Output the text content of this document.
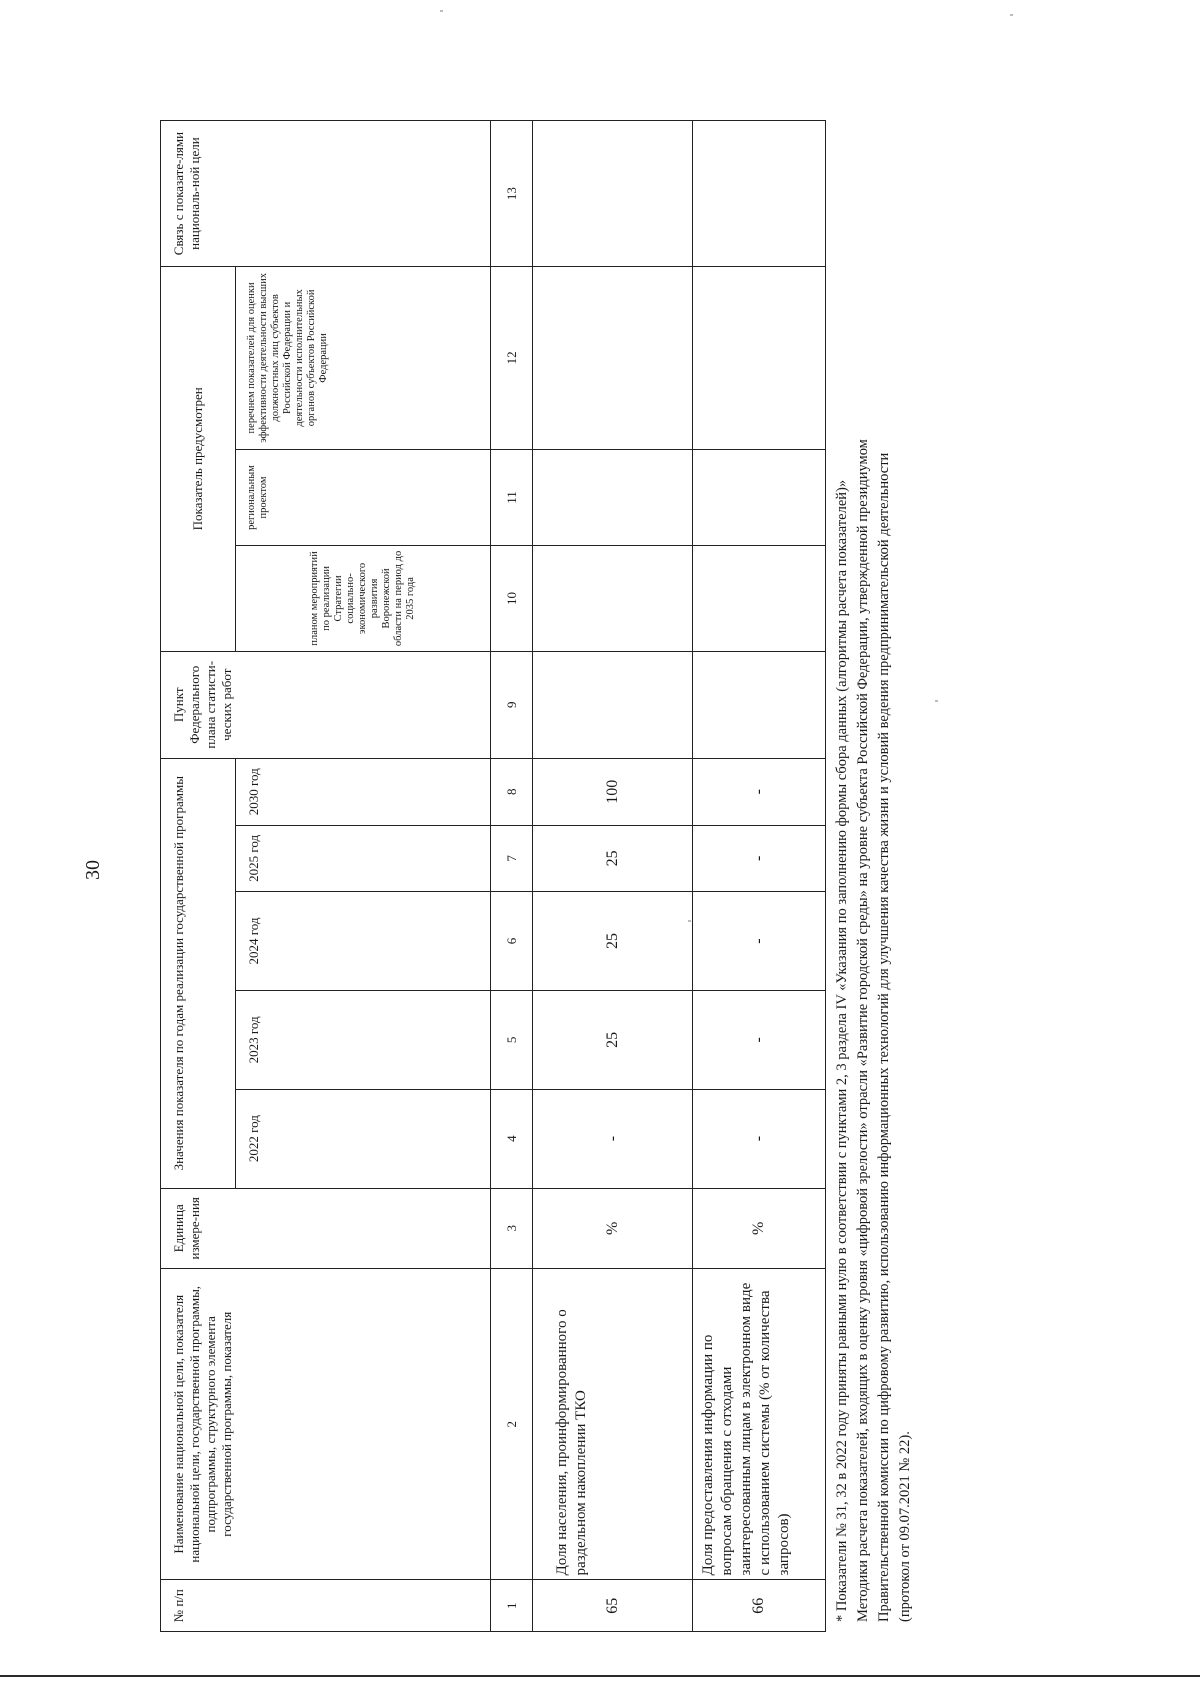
30
№ п/п	Наименование национальной цели, показателя национальной цели, государственной программы, подпрограммы, структурного элемента государственной программы, показателя	Единица измере-ния	Значения показателя по годам реализации государственной программы					Пункт Федерального плана статисти-ческих работ	Показатель предусмотрен			Связь с показате-лями националь-ной цели
			2022 год	2023 год	2024 год	2025 год	2030 год		планом мероприятий по реализации Стратегии социально-экономического развития Воронежской области на период до 2035 года	региональным проектом	перечнем показателей для оценки эффективности деятельности высших должностных лиц субъектов Российской Федерации и деятельности исполнительных органов субъектов Российской Федерации	
1	2	3	4	5	6	7	8	9	10	11	12	13
65	Доля населения, проинформированного о раздельном накоплении ТКО	%	-	25	25	25	100					
66	Доля предоставления информации по вопросам обращения с отходами заинтересованным лицам в электронном виде с использованием системы (% от количества запросов)	%	-	-	-	-	-						* Показатели № 31, 32 в 2022 году приняты равными нулю в соответствии с пунктами 2, 3 раздела IV «Указания по заполнению формы сбора данных (алгоритмы расчета показателей)» Методики расчета показателей, входящих в оценку уровня «цифровой зрелости» отрасли «Развитие городской среды» на уровне субъекта Российской Федерации, утвержденной президиумом Правительственной комиссии по цифровому развитию, использованию информационных технологий для улучшения качества жизни и условий ведения предпринимательской деятельности (протокол от 09.07.2021 № 22).
